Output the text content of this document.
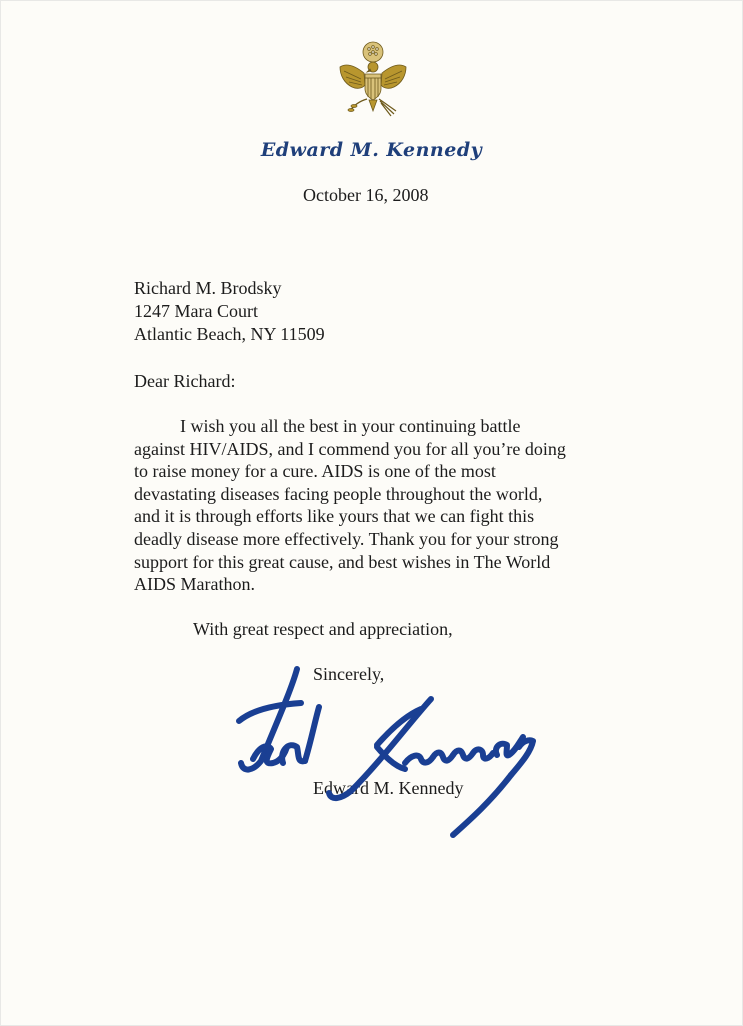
Edward M. Kennedy
October 16, 2008
Richard M. Brodsky
1247 Mara Court
Atlantic Beach, NY 11509
Dear Richard:
I wish you all the best in your continuing battle
against HIV/AIDS, and I commend you for all you’re doing
to raise money for a cure. AIDS is one of the most
devastating diseases facing people throughout the world,
and it is through efforts like yours that we can fight this
deadly disease more effectively. Thank you for your strong
support for this great cause, and best wishes in The World
AIDS Marathon.
With great respect and appreciation,
Sincerely,
Edward M. Kennedy
